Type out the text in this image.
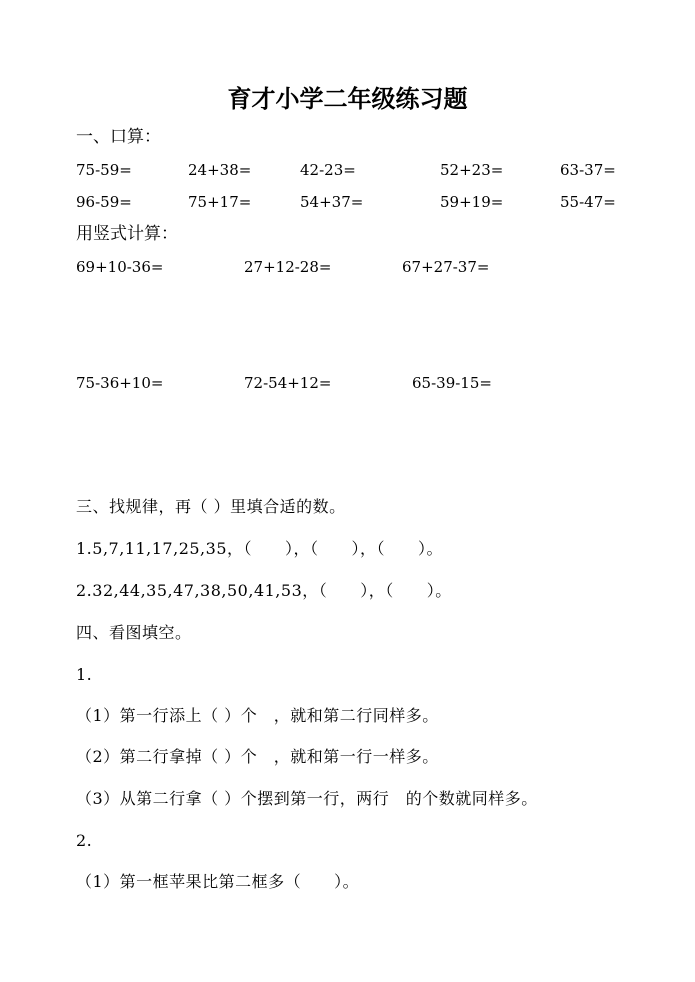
育才小学二年级练习题
一、口算：
75-59=	24+38=	42-23=	52+23=	63-37=
96-59=	75+17=	54+37=	59+19=	55-47=
用竖式计算：
69+10-36=	27+12-28=	67+27-37=
75-36+10=	72-54+12=	65-39-15=
三、找规律，再（ ）里填合适的数。
1.5,7,11,17,25,35，（　　），（　　），（　　）。
2.32,44,35,47,38,50,41,53，（　　），（　　）。
四、看图填空。
1.
（1）第一行添上（ ）个　，就和第二行同样多。
（2）第二行拿掉（ ）个　，就和第一行一样多。
（3）从第二行拿（ ）个摆到第一行，两行　的个数就同样多。
2.
（1）第一框苹果比第二框多（　　）。
